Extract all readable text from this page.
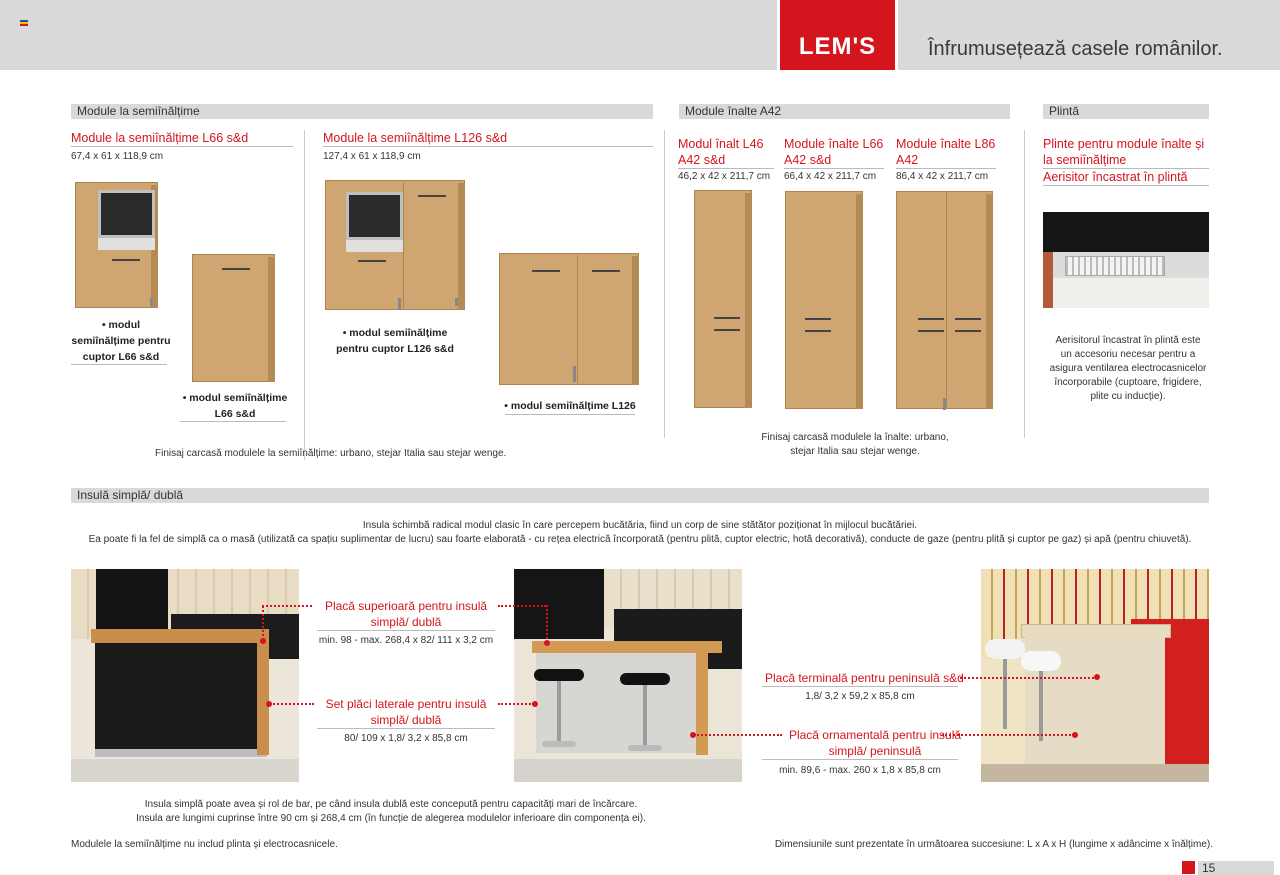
LEM'S	Înfrumusețează casele românilor.
Module la semiînălțime	Module înalte A42	Plintă
Module la semiînălțime L66 s&d
67,4 x 61 x 118,9 cm
Module la semiînălțime L126 s&d
127,4 x 61 x 118,9 cm
• modul semiînălțime pentru cuptor L66 s&d
• modul semiînălțime L66 s&d
• modul semiînălțime pentru cuptor L126 s&d
• modul semiînălțime L126
Finisaj carcasă modulele la semiînălțime: urbano, stejar Italia sau stejar wenge.
Modul înalt L46 A42 s&d
46,2 x 42 x 211,7 cm
Module înalte L66 A42 s&d
66,4 x 42 x 211,7 cm
Module înalte L86 A42
86,4 x 42 x 211,7 cm
Finisaj carcasă modulele la înalte: urbano, stejar Italia sau stejar wenge.
Plinte pentru module înalte și la semiînălțime
Aerisitor încastrat în plintă
Aerisitorul încastrat în plintă este un accesoriu necesar pentru a asigura ventilarea electrocasnicelor încorporabile (cuptoare, frigidere, plite cu inducție).
Insulă simplă/ dublă
Insula schimbă radical modul clasic în care percepem bucătăria, fiind un corp de sine stătător poziționat în mijlocul bucătăriei.
Ea poate fi la fel de simplă ca o masă (utilizată ca spațiu suplimentar de lucru) sau foarte elaborată - cu rețea electrică încorporată (pentru plită, cuptor electric, hotă decorativă), conducte de gaze (pentru plită și cuptor pe gaz) și apă (pentru chiuvetă).
Placă superioară pentru insulă simplă/ dublă
min. 98 - max. 268,4 x 82/ 111 x 3,2 cm
Set plăci laterale pentru insulă simplă/ dublă
80/ 109 x 1,8/ 3,2 x 85,8 cm
Placă terminală pentru peninsulă s&d
1,8/ 3,2 x 59,2 x 85,8 cm
Placă ornamentală pentru insulă simplă/ peninsulă
min. 89,6 - max. 260 x 1,8 x 85,8 cm
Insula simplă poate avea și rol de bar, pe când insula dublă este concepută pentru capacități mari de încărcare.
Insula are lungimi cuprinse între 90 cm și 268,4 cm (în funcție de alegerea modulelor inferioare din componența ei).
Modulele la semiînălțime nu includ plinta și electrocasnicele.	Dimensiunile sunt prezentate în următoarea succesiune: L x A x H (lungime x adâncime x înălțime).
15
